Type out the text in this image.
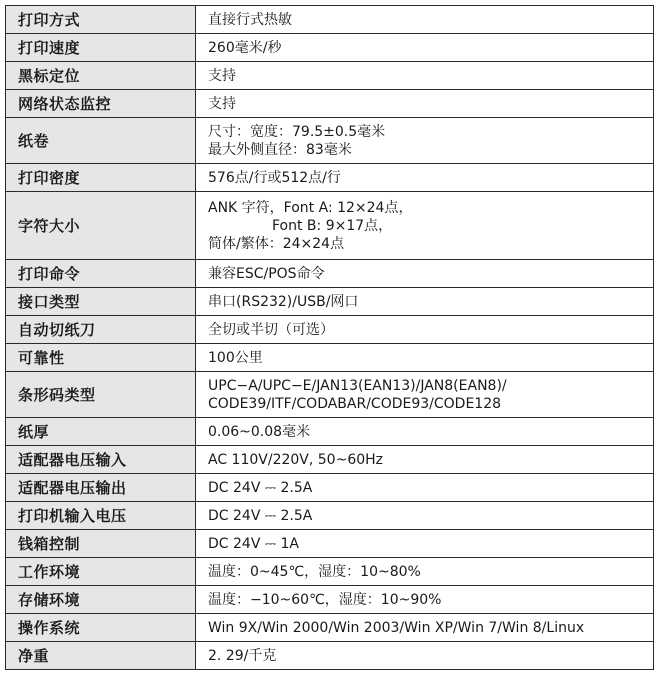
打印方式	直接行式热敏

打印速度	260毫米/秒

黑标定位	支持

网络状态监控	支持

纸卷	尺寸：宽度：79.5±0.5毫米
最大外侧直径：83毫米

打印密度	576点/行或512点/行

字符大小	ANK 字符，Font A: 12×24点，
Font B: 9×17点，
简体/繁体：24×24点

打印命令	兼容ESC/POS命令

接口类型	串口(RS232)/USB/网口

自动切纸刀	全切或半切（可选）

可靠性	100公里

条形码类型	UPC−A/UPC−E/JAN13(EAN13)/JAN8(EAN8)/
CODE39/ITF/CODABAR/CODE93/CODE128

纸厚	0.06~0.08毫米

适配器电压输入	AC 110V/220V, 50~60Hz

适配器电压输出	DC 24V ⎓ 2.5A

打印机输入电压	DC 24V ⎓ 2.5A

钱箱控制	DC 24V ⎓ 1A

工作环境	温度：0~45℃，湿度：10~80%

存储环境	温度：−10~60℃，湿度：10~90%

操作系统	Win 9X/Win 2000/Win 2003/Win XP/Win 7/Win 8/Linux

净重	2. 29/千克
